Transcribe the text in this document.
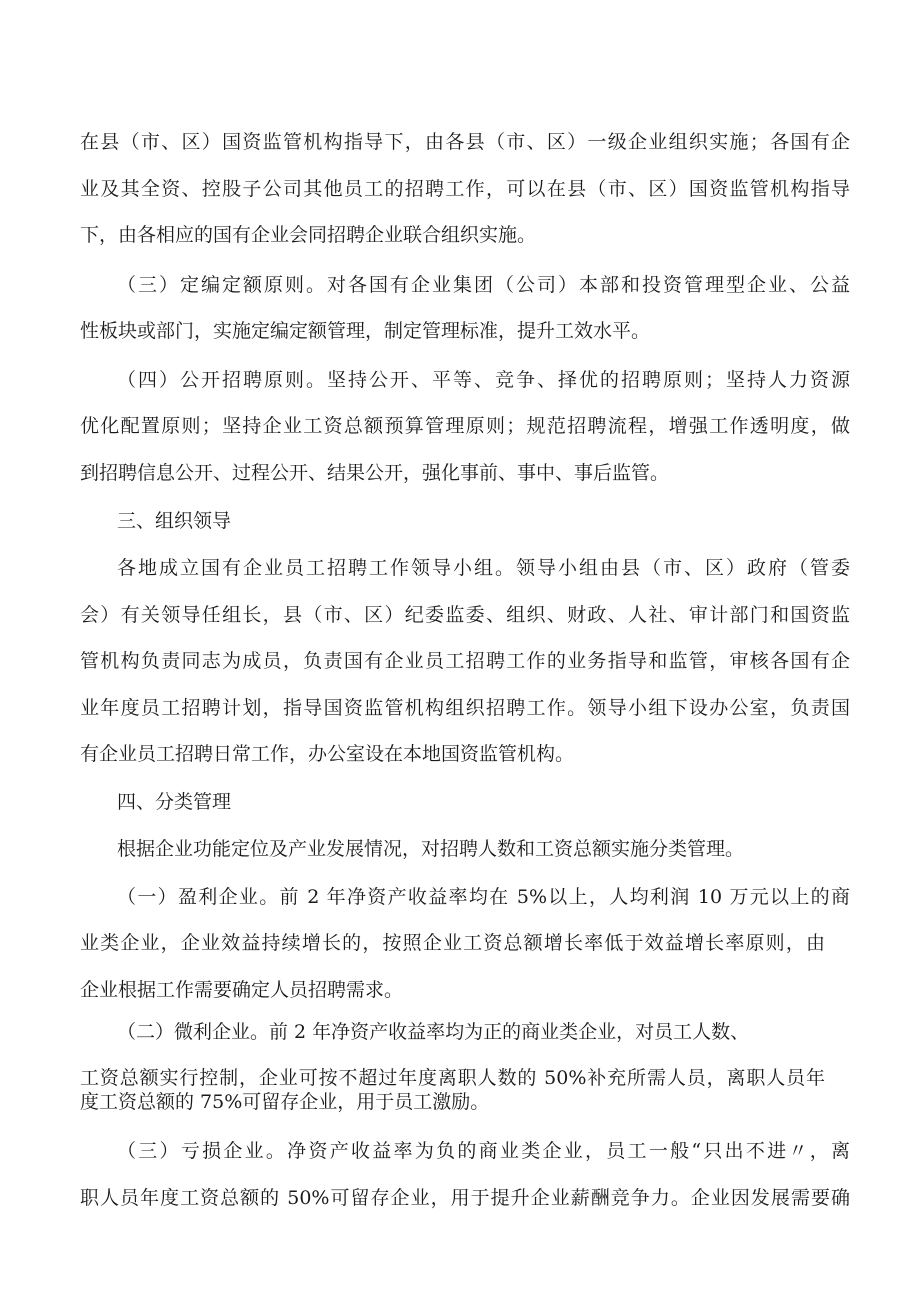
在县（市、区）国资监管机构指导下，由各县（市、区）一级企业组织实施；各国有企
业及其全资、控股子公司其他员工的招聘工作，可以在县（市、区）国资监管机构指导
下，由各相应的国有企业会同招聘企业联合组织实施。
（三）定编定额原则。对各国有企业集团（公司）本部和投资管理型企业、公益
性板块或部门，实施定编定额管理，制定管理标准，提升工效水平。
（四）公开招聘原则。坚持公开、平等、竞争、择优的招聘原则；坚持人力资源
优化配置原则；坚持企业工资总额预算管理原则；规范招聘流程，增强工作透明度，做
到招聘信息公开、过程公开、结果公开，强化事前、事中、事后监管。
三、组织领导
各地成立国有企业员工招聘工作领导小组。领导小组由县（市、区）政府（管委
会）有关领导任组长，县（市、区）纪委监委、组织、财政、人社、审计部门和国资监
管机构负责同志为成员，负责国有企业员工招聘工作的业务指导和监管，审核各国有企
业年度员工招聘计划，指导国资监管机构组织招聘工作。领导小组下设办公室，负责国
有企业员工招聘日常工作，办公室设在本地国资监管机构。
四、分类管理
根据企业功能定位及产业发展情况，对招聘人数和工资总额实施分类管理。
（一）盈利企业。前 2 年净资产收益率均在 5%以上，人均利润 10 万元以上的商
业类企业，企业效益持续增长的，按照企业工资总额增长率低于效益增长率原则，由
企业根据工作需要确定人员招聘需求。
（二）微利企业。前 2 年净资产收益率均为正的商业类企业，对员工人数、
工资总额实行控制，企业可按不超过年度离职人数的 50%补充所需人员，离职人员年
度工资总额的 75%可留存企业，用于员工激励。
（三）亏损企业。净资产收益率为负的商业类企业，员工一般“只出不进〃，离
职人员年度工资总额的 50%可留存企业，用于提升企业薪酬竞争力。企业因发展需要确
